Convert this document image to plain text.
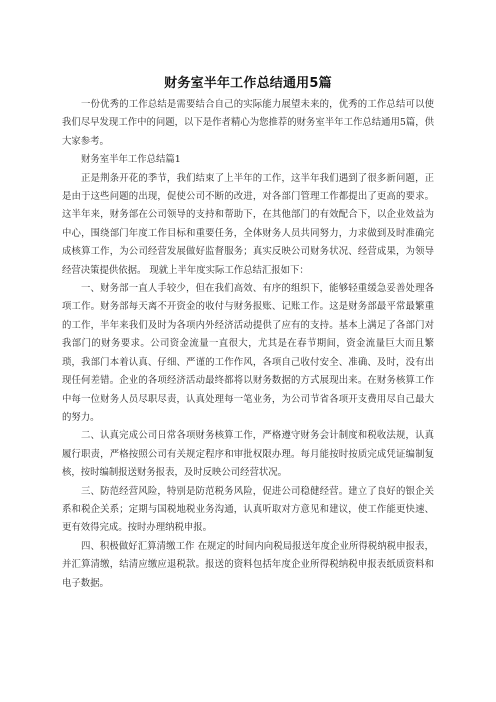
财务室半年工作总结通用5篇

一份优秀的工作总结是需要结合自己的实际能力展望未来的，优秀的工作总结可以使我们尽早发现工作中的问题，以下是作者精心为您推荐的财务室半年工作总结通用5篇，供大家参考。

财务室半年工作总结篇1

正是荆条开花的季节，我们结束了上半年的工作，这半年我们遇到了很多新问题，正是由于这些问题的出现，促使公司不断的改进，对各部门管理工作都提出了更高的要求。这半年来，财务部在公司领导的支持和帮助下，在其他部门的有效配合下，以企业效益为中心，围绕部门年度工作目标和重要任务，全体财务人员共同努力，力求做到及时准确完成核算工作，为公司经营发展做好监督服务；真实反映公司财务状况、经营成果，为领导经营决策提供依据。 现就上半年度实际工作总结汇报如下：

一、财务部一直人手较少，但在我们高效、有序的组织下，能够轻重缓急妥善处理各项工作。财务部每天离不开资金的收付与财务报账、记账工作。这是财务部最平常最繁重的工作，半年来我们及时为各项内外经济活动提供了应有的支持。基本上满足了各部门对我部门的财务要求。公司资金流量一直很大，尤其是在春节期间，资金流量巨大而且繁琐，我部门本着认真、仔细、严谨的工作作风，各项自己收付安全、准确、及时，没有出现任何差错。企业的各项经济活动最终都将以财务数据的方式展现出来。在财务核算工作中每一位财务人员尽职尽责，认真处理每一笔业务，为公司节省各项开支费用尽自己最大的努力。

二、认真完成公司日常各项财务核算工作，严格遵守财务会计制度和税收法规，认真履行职责，严格按照公司有关规定程序和审批权限办理。每月能按时按质完成凭证编制复核，按时编制报送财务报表，及时反映公司经营状况。

三、防范经营风险，特别是防范税务风险，促进公司稳健经营。建立了良好的银企关系和税企关系；定期与国税地税业务沟通，认真听取对方意见和建议，使工作能更快速、更有效得完成。按时办理纳税申报。

四、积极做好汇算清缴工作 在规定的时间内向税局报送年度企业所得税纳税申报表，并汇算清缴，结清应缴应退税款。报送的资料包括年度企业所得税纳税申报表纸质资料和电子数据。
